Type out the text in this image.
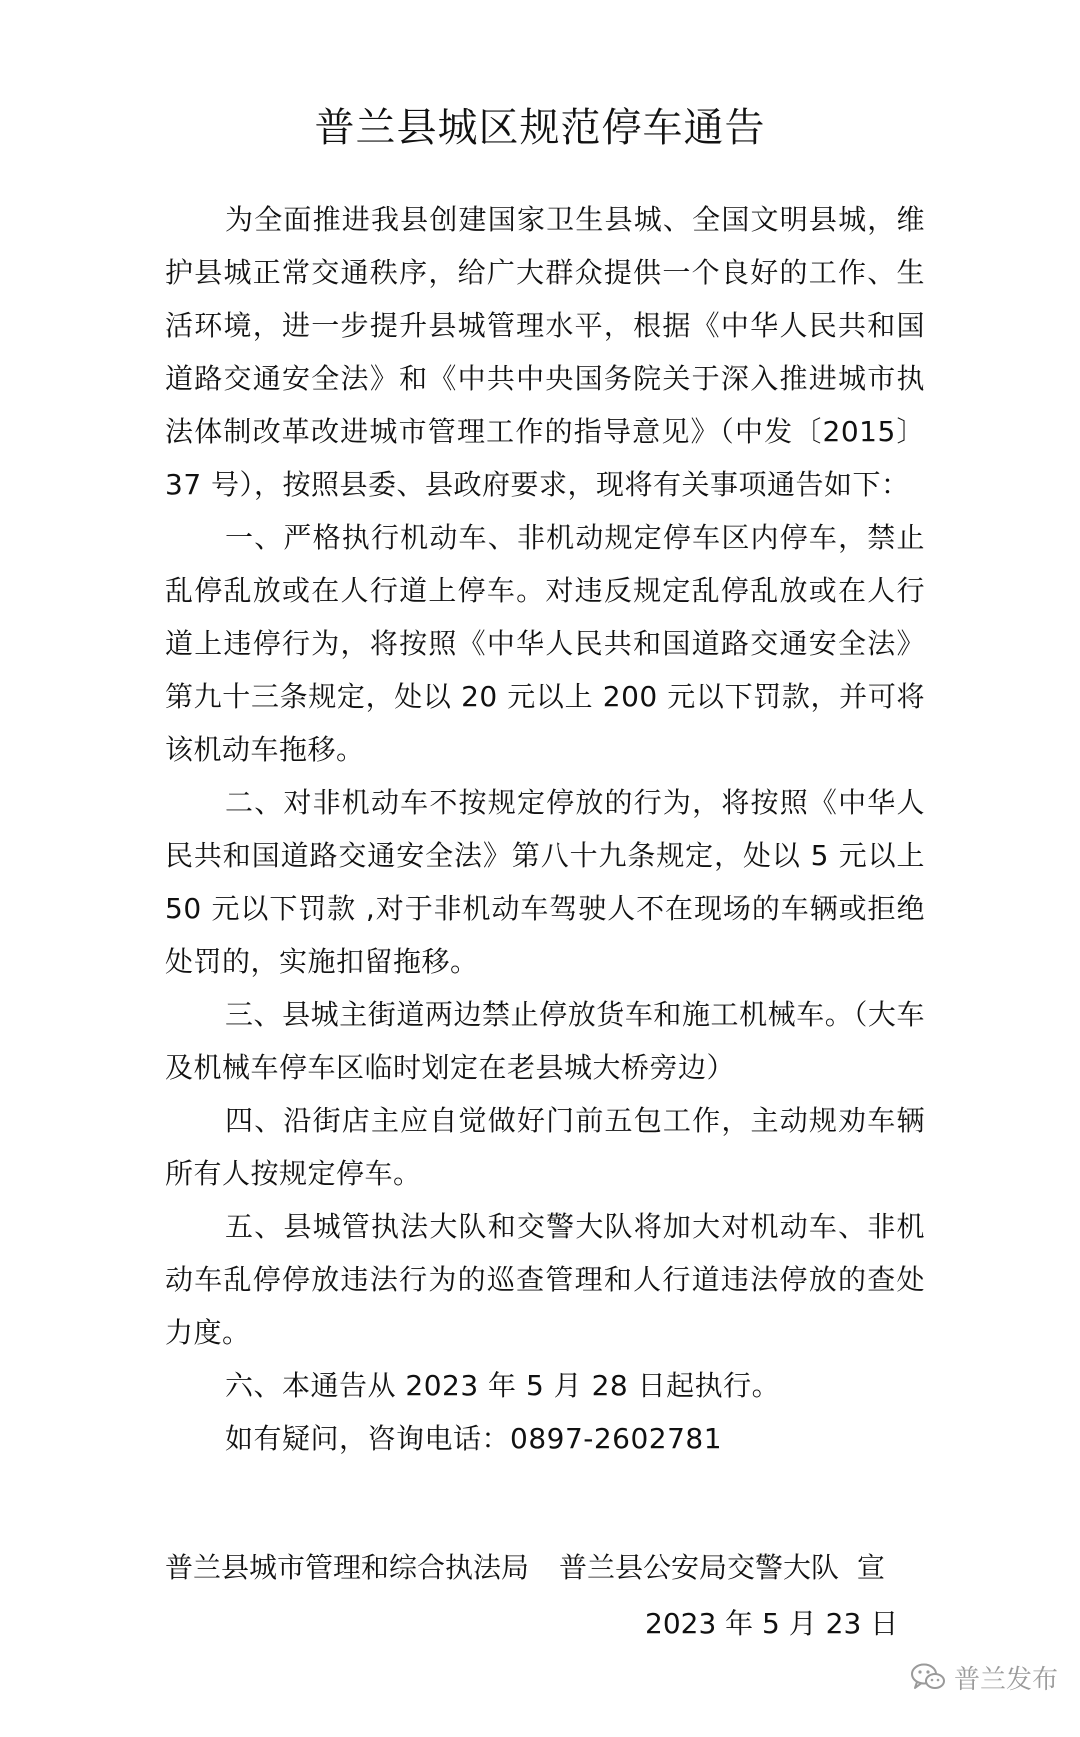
普兰县城区规范停车通告

为全面推进我县创建国家卫生县城、全国文明县城，维护县城正常交通秩序，给广大群众提供一个良好的工作、生活环境，进一步提升县城管理水平，根据《中华人民共和国道路交通安全法》和《中共中央国务院关于深入推进城市执法体制改革改进城市管理工作的指导意见》（中发〔2015〕37 号），按照县委、县政府要求，现将有关事项通告如下：

一、严格执行机动车、非机动规定停车区内停车，禁止乱停乱放或在人行道上停车。对违反规定乱停乱放或在人行道上违停行为，将按照《中华人民共和国道路交通安全法》第九十三条规定，处以 20 元以上 200 元以下罚款，并可将该机动车拖移。

二、对非机动车不按规定停放的行为，将按照《中华人民共和国道路交通安全法》第八十九条规定，处以 5 元以上 50 元以下罚款 ,对于非机动车驾驶人不在现场的车辆或拒绝处罚的，实施扣留拖移。

三、县城主街道两边禁止停放货车和施工机械车。（大车及机械车停车区临时划定在老县城大桥旁边）

四、沿街店主应自觉做好门前五包工作，主动规劝车辆所有人按规定停车。

五、县城管执法大队和交警大队将加大对机动车、非机动车乱停停放违法行为的巡查管理和人行道违法停放的查处力度。

六、本通告从 2023 年 5 月 28 日起执行。

如有疑问，咨询电话：0897-2602781

普兰县城市管理和综合执法局 普兰县公安局交警大队 宣
2023 年 5 月 23 日
普兰发布
